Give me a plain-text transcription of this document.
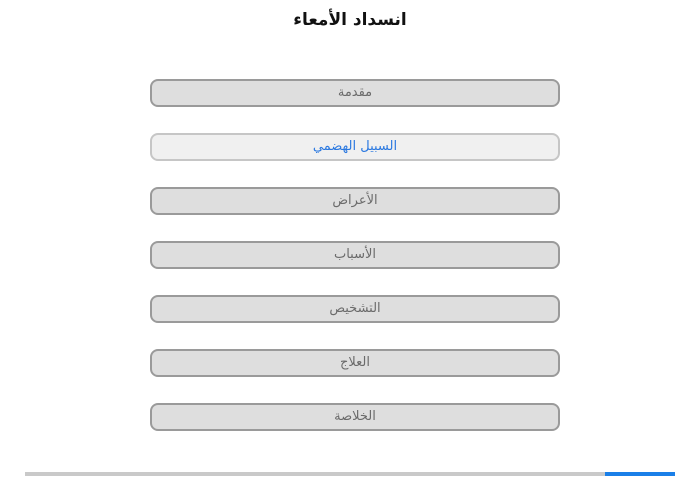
انسداد الأمعاء
مقدمة
السبيل الهضمي
الأعراض
الأسباب
التشخيص
العلاج
الخلاصة
